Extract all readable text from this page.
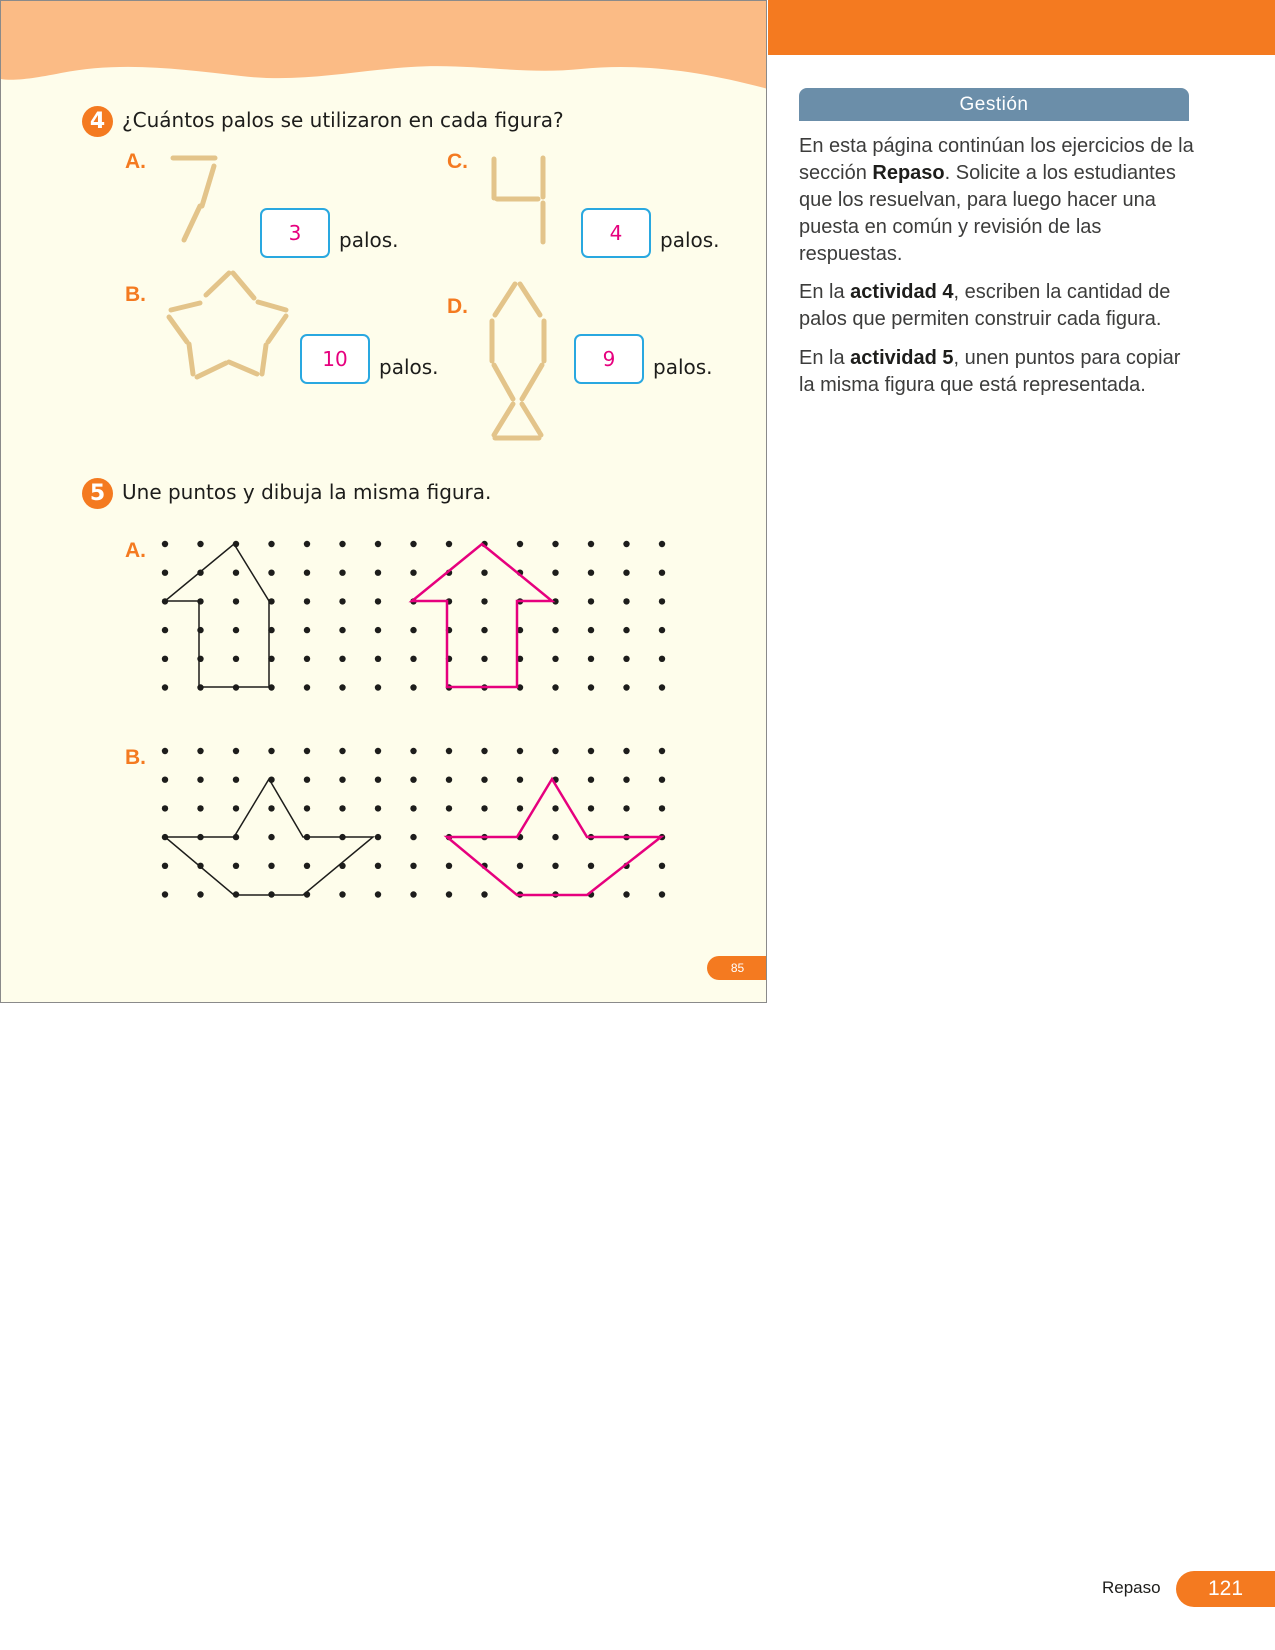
4 ¿Cuántos palos se utilizaron en cada figura?
A.	C.
B.
D.
3	palos.	4	palos.
10	palos.	9	palos.
5 Une puntos y dibuja la misma figura.
A.
B.
85
Gestión

En esta página continúan los ejercicios de la sección Repaso. Solicite a los estudiantes que los resuelvan, para luego hacer una puesta en común y revisión de las respuestas.

En la actividad 4, escriben la cantidad de palos que permiten construir cada figura.

En la actividad 5, unen puntos para copiar la misma figura que está representada.

Repaso	121
